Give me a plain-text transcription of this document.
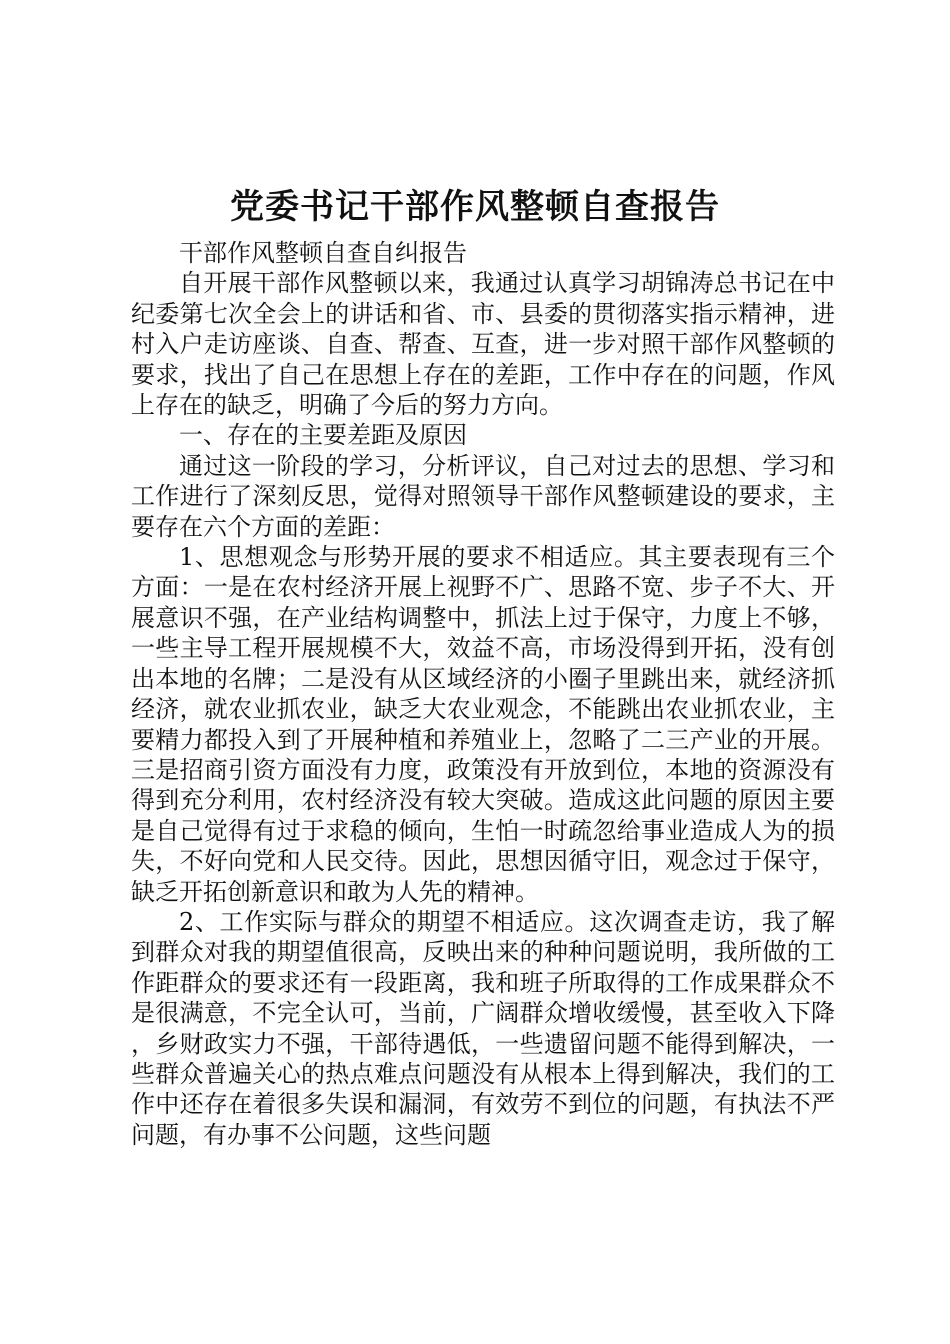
党委书记干部作风整顿自查报告

干部作风整顿自查自纠报告

自开展干部作风整顿以来，我通过认真学习胡锦涛总书记在中纪委第七次全会上的讲话和省、市、县委的贯彻落实指示精神，进村入户走访座谈、自查、帮查、互查，进一步对照干部作风整顿的要求，找出了自己在思想上存在的差距，工作中存在的问题，作风上存在的缺乏，明确了今后的努力方向。

一、存在的主要差距及原因

通过这一阶段的学习，分析评议，自己对过去的思想、学习和工作进行了深刻反思，觉得对照领导干部作风整顿建设的要求，主要存在六个方面的差距：

1、思想观念与形势开展的要求不相适应。其主要表现有三个方面：一是在农村经济开展上视野不广、思路不宽、步子不大、开展意识不强，在产业结构调整中，抓法上过于保守，力度上不够，一些主导工程开展规模不大，效益不高，市场没得到开拓，没有创出本地的名牌；二是没有从区域经济的小圈子里跳出来，就经济抓经济，就农业抓农业，缺乏大农业观念，不能跳出农业抓农业，主要精力都投入到了开展种植和养殖业上，忽略了二三产业的开展。三是招商引资方面没有力度，政策没有开放到位，本地的资源没有得到充分利用，农村经济没有较大突破。造成这此问题的原因主要是自己觉得有过于求稳的倾向，生怕一时疏忽给事业造成人为的损失，不好向党和人民交待。因此，思想因循守旧，观念过于保守，缺乏开拓创新意识和敢为人先的精神。

2、工作实际与群众的期望不相适应。这次调查走访，我了解到群众对我的期望值很高，反映出来的种种问题说明，我所做的工作距群众的要求还有一段距离，我和班子所取得的工作成果群众不是很满意，不完全认可，当前，广阔群众增收缓慢，甚至收入下降，乡财政实力不强，干部待遇低，一些遗留问题不能得到解决，一些群众普遍关心的热点难点问题没有从根本上得到解决，我们的工作中还存在着很多失误和漏洞，有效劳不到位的问题，有执法不严问题，有办事不公问题，这些问题
